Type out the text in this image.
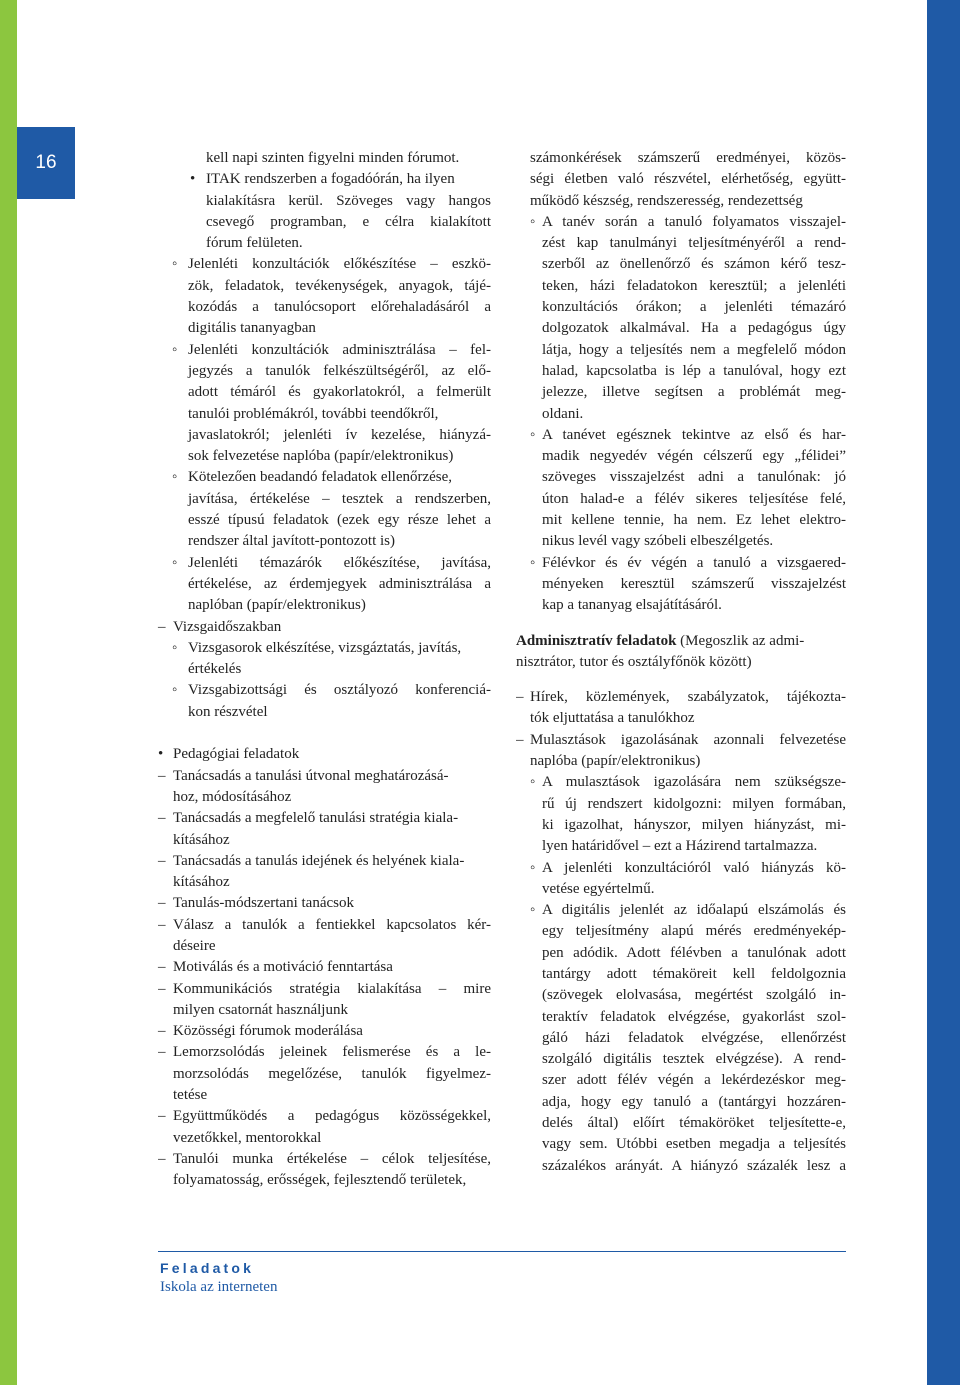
16	kell napi szinten figyelni minden fórumot.
• ITAK rendszerben a fogadóórán, ha ilyen
kialakításra kerül. Szöveges vagy hangos
csevegő programban, e célra kialakított
fórum felületen.
◦ Jelenléti konzultációk előkészítése – eszkö-
zök, feladatok, tevékenységek, anyagok, tájé-
kozódás a tanulócsoport előrehaladásáról a
digitális tananyagban
◦ Jelenléti konzultációk adminisztrálása – fel-
jegyzés a tanulók felkészültségéről, az elő-
adott témáról és gyakorlatokról, a felmerült
tanulói problémákról, további teendőkről,
javaslatokról; jelenléti ív kezelése, hiányzá-
sok felvezetése naplóba (papír/elektronikus)
◦ Kötelezően beadandó feladatok ellenőrzése,
javítása, értékelése – tesztek a rendszerben,
esszé típusú feladatok (ezek egy része lehet a
rendszer által javított-pontozott is)
◦ Jelenléti témazárók előkészítése, javítása,
értékelése, az érdemjegyek adminisztrálása a
naplóban (papír/elektronikus)
– Vizsgaidőszakban
◦ Vizsgasorok elkészítése, vizsgáztatás, javítás,
értékelés
◦ Vizsgabizottsági és osztályozó konferenciá-
kon részvétel
• Pedagógiai feladatok
– Tanácsadás a tanulási útvonal meghatározásá-
hoz, módosításához
– Tanácsadás a megfelelő tanulási stratégia kiala-
kításához
– Tanácsadás a tanulás idejének és helyének kiala-
kításához
– Tanulás-módszertani tanácsok
– Válasz a tanulók a fentiekkel kapcsolatos kér-
déseire
– Motiválás és a motiváció fenntartása
– Kommunikációs stratégia kialakítása – mire
milyen csatornát használjunk
– Közösségi fórumok moderálása
– Lemorzsolódás jeleinek felismerése és a le-
morzsolódás megelőzése, tanulók figyelmez-
tetése
– Együttműködés a pedagógus közösségekkel,
vezetőkkel, mentorokkal
– Tanulói munka értékelése – célok teljesítése,
folyamatosság, erősségek, fejlesztendő területek,
számonkérések számszerű eredményei, közös-
ségi életben való részvétel, elérhetőség, együtt-
működő készség, rendszeresség, rendezettség
◦ A tanév során a tanuló folyamatos visszajel-
zést kap tanulmányi teljesítményéről a rend-
szerből az önellenőrző és számon kérő tesz-
teken, házi feladatokon keresztül; a jelenléti
konzultációs órákon; a jelenléti témazáró
dolgozatok alkalmával. Ha a pedagógus úgy
látja, hogy a teljesítés nem a megfelelő módon
halad, kapcsolatba is lép a tanulóval, hogy ezt
jelezze, illetve segítsen a problémát meg-
oldani.
◦ A tanévet egésznek tekintve az első és har-
madik negyedév végén célszerű egy „félidei”
szöveges visszajelzést adni a tanulónak: jó
úton halad-e a félév sikeres teljesítése felé,
mit kellene tennie, ha nem. Ez lehet elektro-
nikus levél vagy szóbeli elbeszélgetés.
◦ Félévkor és év végén a tanuló a vizsgaered-
ményeken keresztül számszerű visszajelzést
kap a tananyag elsajátításáról.
Adminisztratív feladatok (Megoszlik az admi-
nisztrátor, tutor és osztályfőnök között)
– Hírek, közlemények, szabályzatok, tájékozta-
tók eljuttatása a tanulókhoz
– Mulasztások igazolásának azonnali felvezetése
naplóba (papír/elektronikus)
◦ A mulasztások igazolására nem szükségsze-
rű új rendszert kidolgozni: milyen formában,
ki igazolhat, hányszor, milyen hiányzást, mi-
lyen határidővel – ezt a Házirend tartalmazza.
◦ A jelenléti konzultációról való hiányzás kö-
vetése egyértelmű.
◦ A digitális jelenlét az időalapú elszámolás és
egy teljesítmény alapú mérés eredményekép-
pen adódik. Adott félévben a tanulónak adott
tantárgy adott témaköreit kell feldolgoznia
(szövegek elolvasása, megértést szolgáló in-
teraktív feladatok elvégzése, gyakorlást szol-
gáló házi feladatok elvégzése, ellenőrzést
szolgáló digitális tesztek elvégzése). A rend-
szer adott félév végén a lekérdezéskor meg-
adja, hogy egy tanuló a (tantárgyi hozzáren-
delés által) előírt témaköröket teljesítette-e,
vagy sem. Utóbbi esetben megadja a teljesítés
százalékos arányát. A hiányzó százalék lesz a
Feladatok
Iskola az interneten
